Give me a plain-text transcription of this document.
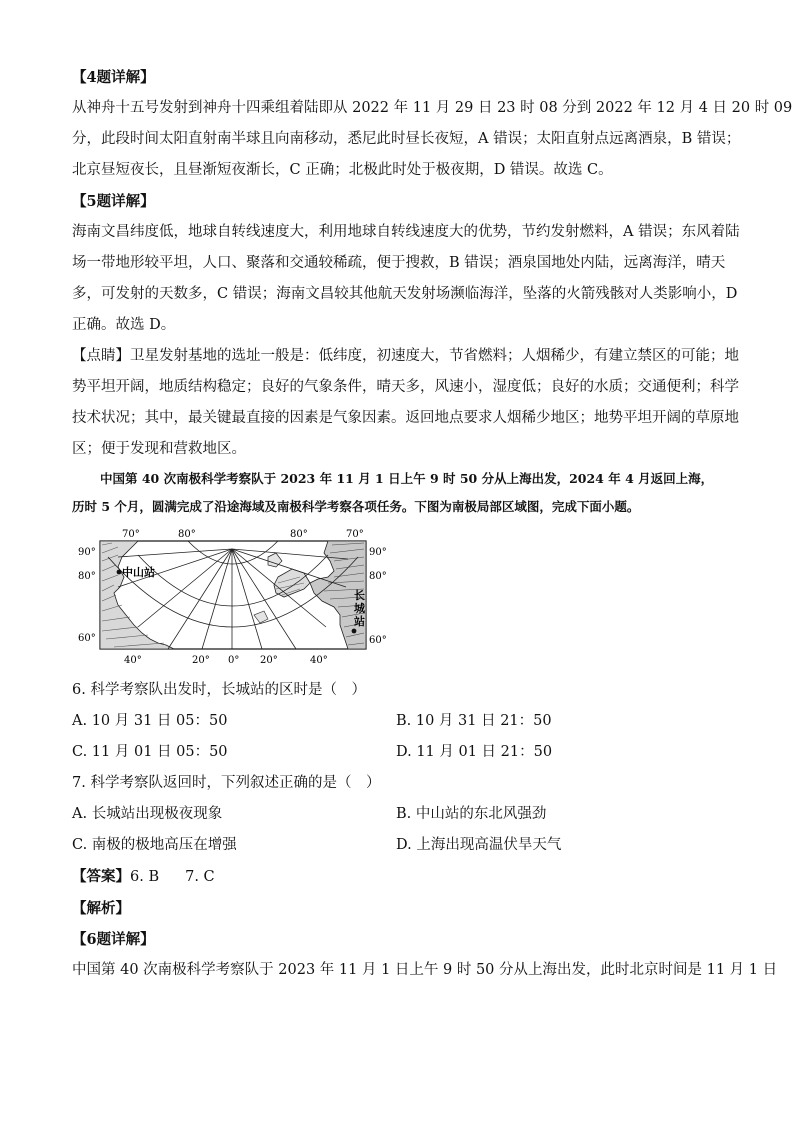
【4题详解】
从神舟十五号发射到神舟十四乘组着陆即从 2022 年 11 月 29 日 23 时 08 分到 2022 年 12 月 4 日 20 时 09
分，此段时间太阳直射南半球且向南移动，悉尼此时昼长夜短，A 错误；太阳直射点远离酒泉，B 错误；
北京昼短夜长，且昼渐短夜渐长，C 正确；北极此时处于极夜期，D 错误。故选 C。
【5题详解】
海南文昌纬度低，地球自转线速度大，利用地球自转线速度大的优势，节约发射燃料，A 错误；东风着陆
场一带地形较平坦，人口、聚落和交通较稀疏，便于搜救，B 错误；酒泉国地处内陆，远离海洋，晴天
多，可发射的天数多，C 错误；海南文昌较其他航天发射场濒临海洋，坠落的火箭残骸对人类影响小，D
正确。故选 D。
【点睛】卫星发射基地的选址一般是：低纬度，初速度大，节省燃料；人烟稀少，有建立禁区的可能；地
势平坦开阔，地质结构稳定；良好的气象条件，晴天多，风速小，湿度低；良好的水质；交通便利；科学
技术状况；其中，最关键最直接的因素是气象因素。返回地点要求人烟稀少地区；地势平坦开阔的草原地
区；便于发现和营救地区。
中国第 40 次南极科学考察队于 2023 年 11 月 1 日上午 9 时 50 分从上海出发，2024 年 4 月返回上海，
历时 5 个月，圆满完成了沿途海域及南极科学考察各项任务。下图为南极局部区域图，完成下面小题。
70°	80°	80°	70°
90°
80°
60°
90°
80°
60°
中山站
长
城
站
40°	20° 0° 20°	40°
6. 科学考察队出发时，长城站的区时是（　）
A. 10 月 31 日 05：50	B. 10 月 31 日 21：50
C. 11 月 01 日 05：50	D. 11 月 01 日 21：50
7. 科学考察队返回时，下列叙述正确的是（　）
A. 长城站出现极夜现象	B. 中山站的东北风强劲
C. 南极的极地高压在增强	D. 上海出现高温伏旱天气
【答案】6. B 7. C
【解析】
【6题详解】
中国第 40 次南极科学考察队于 2023 年 11 月 1 日上午 9 时 50 分从上海出发，此时北京时间是 11 月 1 日
